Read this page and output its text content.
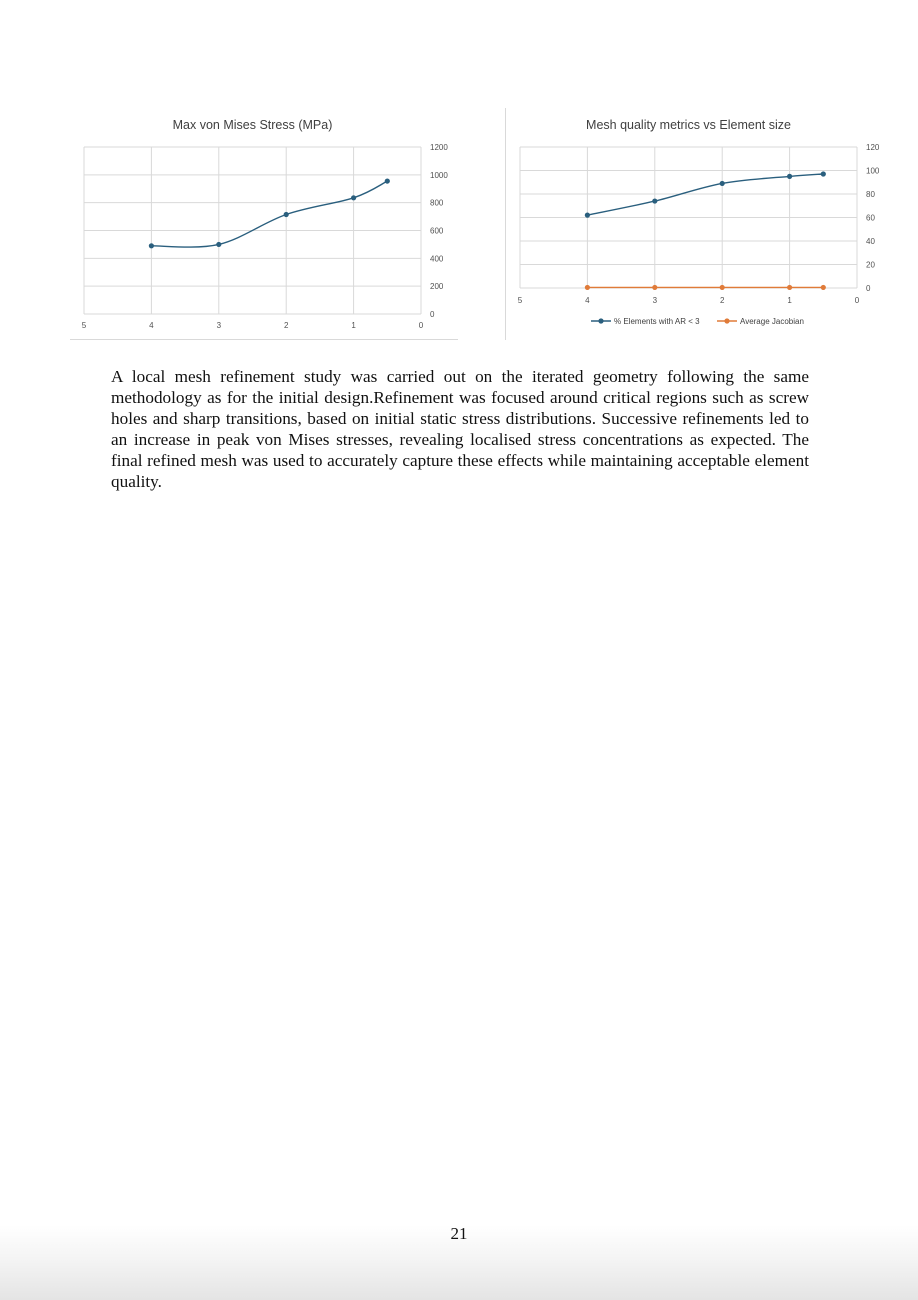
Max von Mises Stress (MPa)
0
200
400
600
800
1000
1200
5	4	3	2	1	0
Mesh quality metrics vs Element size
0
20
40
60
80
100
120
5	4	3	2	1	0
% Elements with AR < 3	Average Jacobian

A local mesh refinement study was carried out on the iterated geometry following the same methodology as for the initial design.Refinement was focused around critical regions such as screw holes and sharp transitions, based on initial static stress distributions. Successive refinements led to an increase in peak von Mises stresses, revealing localised stress concentrations as expected. The final refined mesh was used to accurately capture these effects while maintaining acceptable element quality.

21
